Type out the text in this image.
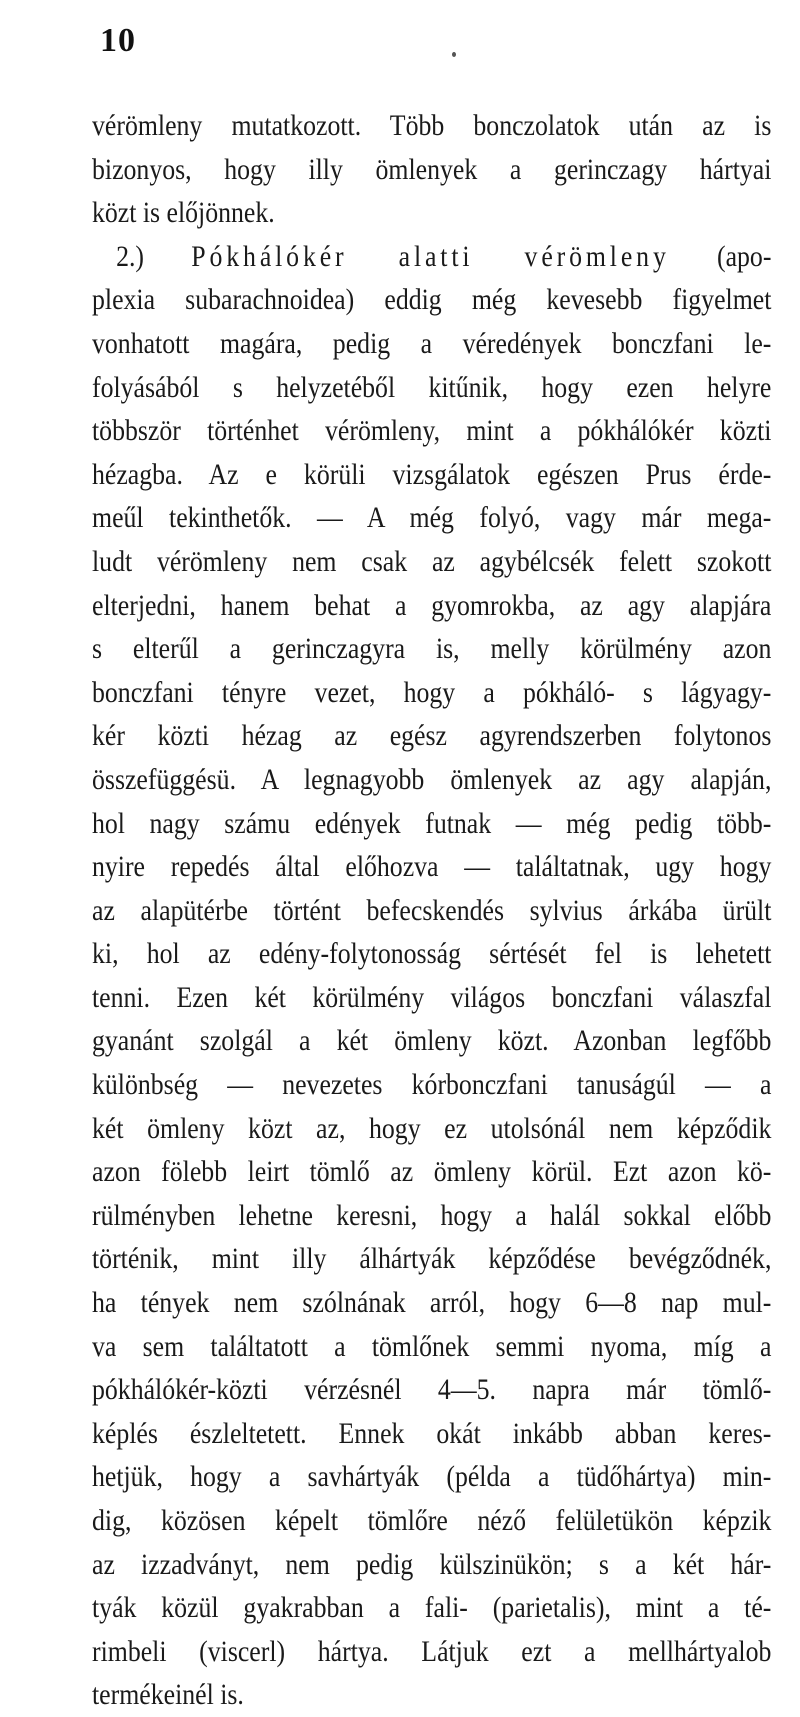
10
vérömleny mutatkozott. Több bonczolatok után az is
bizonyos, hogy illy ömlenyek a gerinczagy hártyai
közt is előjönnek.
2.) Pókhálókér alatti vérömleny (apo-
plexia subarachnoidea) eddig még kevesebb figyelmet
vonhatott magára, pedig a véredények bonczfani le-
folyásából s helyzetéből kitűnik, hogy ezen helyre
többször történhet vérömleny, mint a pókhálókér közti
hézagba. Az e körüli vizsgálatok egészen Prus érde-
meűl tekinthetők. — A még folyó, vagy már mega-
ludt vérömleny nem csak az agybélcsék felett szokott
elterjedni, hanem behat a gyomrokba, az agy alapjára
s elterűl a gerinczagyra is, melly körülmény azon
bonczfani tényre vezet, hogy a pókháló- s lágyagy-
kér közti hézag az egész agyrendszerben folytonos
összefüggésü. A legnagyobb ömlenyek az agy alapján,
hol nagy számu edények futnak — még pedig több-
nyire repedés által előhozva — találtatnak, ugy hogy
az alapütérbe történt befecskendés sylvius árkába ürült
ki, hol az edény-folytonosság sértését fel is lehetett
tenni. Ezen két körülmény világos bonczfani válaszfal
gyanánt szolgál a két ömleny közt. Azonban legfőbb
különbség — nevezetes kórbonczfani tanuságúl — a
két ömleny közt az, hogy ez utolsónál nem képződik
azon fölebb leirt tömlő az ömleny körül. Ezt azon kö-
rülményben lehetne keresni, hogy a halál sokkal előbb
történik, mint illy álhártyák képződése bevégződnék,
ha tények nem szólnának arról, hogy 6—8 nap mul-
va sem találtatott a tömlőnek semmi nyoma, míg a
pókhálókér-közti vérzésnél 4—5. napra már tömlő-
képlés észleltetett. Ennek okát inkább abban keres-
hetjük, hogy a savhártyák (példa a tüdőhártya) min-
dig, közösen képelt tömlőre néző felületükön képzik
az izzadványt, nem pedig külszinükön; s a két hár-
tyák közül gyakrabban a fali- (parietalis), mint a té-
rimbeli (viscerl) hártya. Látjuk ezt a mellhártyalob
termékeinél is.
